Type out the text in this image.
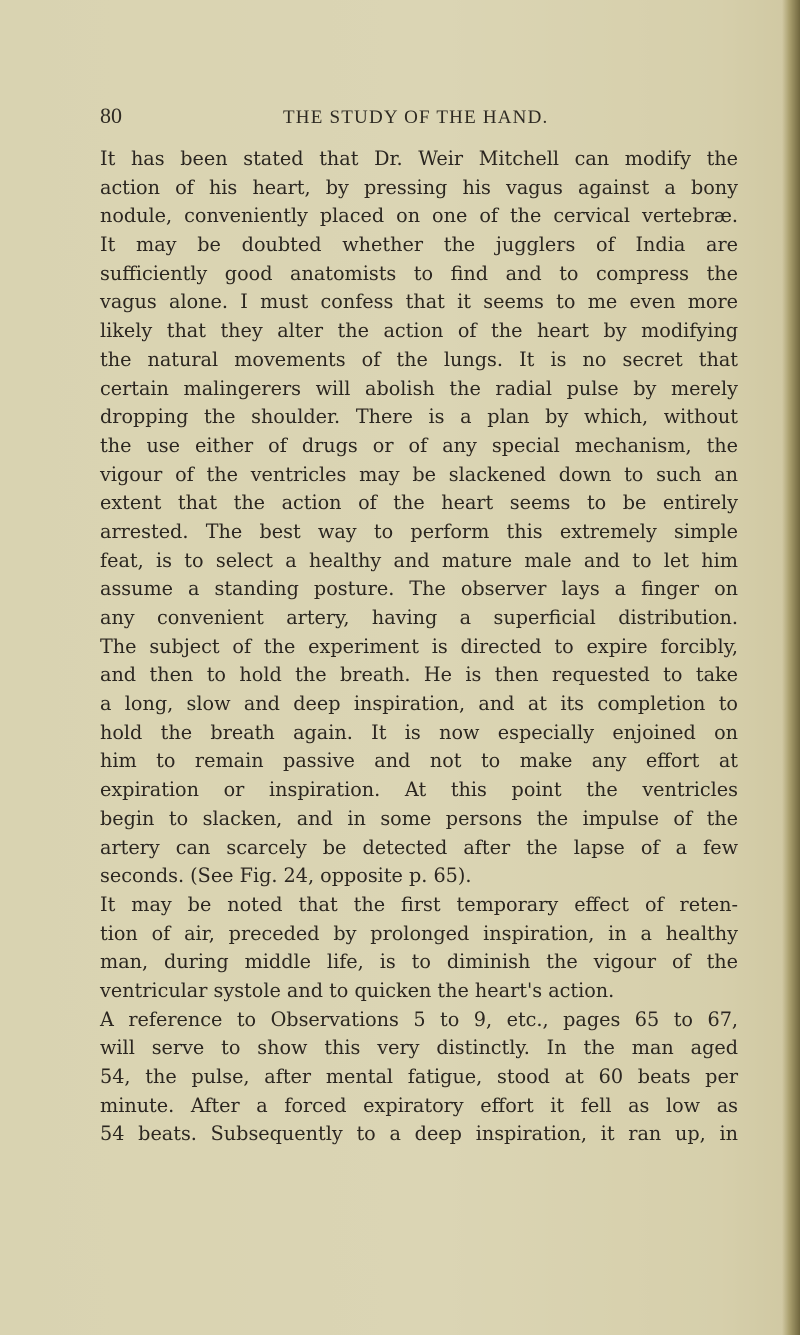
80	THE STUDY OF THE HAND.
It has been stated that Dr. Weir Mitchell can modify the
action of his heart, by pressing his vagus against a bony
nodule, conveniently placed on one of the cervical vertebræ.
It may be doubted whether the jugglers of India are
sufficiently good anatomists to find and to compress the
vagus alone. I must confess that it seems to me even more
likely that they alter the action of the heart by modifying
the natural movements of the lungs. It is no secret that
certain malingerers will abolish the radial pulse by merely
dropping the shoulder. There is a plan by which, without
the use either of drugs or of any special mechanism, the
vigour of the ventricles may be slackened down to such an
extent that the action of the heart seems to be entirely
arrested. The best way to perform this extremely simple
feat, is to select a healthy and mature male and to let him
assume a standing posture. The observer lays a finger on
any convenient artery, having a superficial distribution.
The subject of the experiment is directed to expire forcibly,
and then to hold the breath. He is then requested to take
a long, slow and deep inspiration, and at its completion to
hold the breath again. It is now especially enjoined on
him to remain passive and not to make any effort at
expiration or inspiration. At this point the ventricles
begin to slacken, and in some persons the impulse of the
artery can scarcely be detected after the lapse of a few
seconds. (See Fig. 24, opposite p. 65).
It may be noted that the first temporary effect of reten-
tion of air, preceded by prolonged inspiration, in a healthy
man, during middle life, is to diminish the vigour of the
ventricular systole and to quicken the heart's action.
A reference to Observations 5 to 9, etc., pages 65 to 67,
will serve to show this very distinctly. In the man aged
54, the pulse, after mental fatigue, stood at 60 beats per
minute. After a forced expiratory effort it fell as low as
54 beats. Subsequently to a deep inspiration, it ran up, in
